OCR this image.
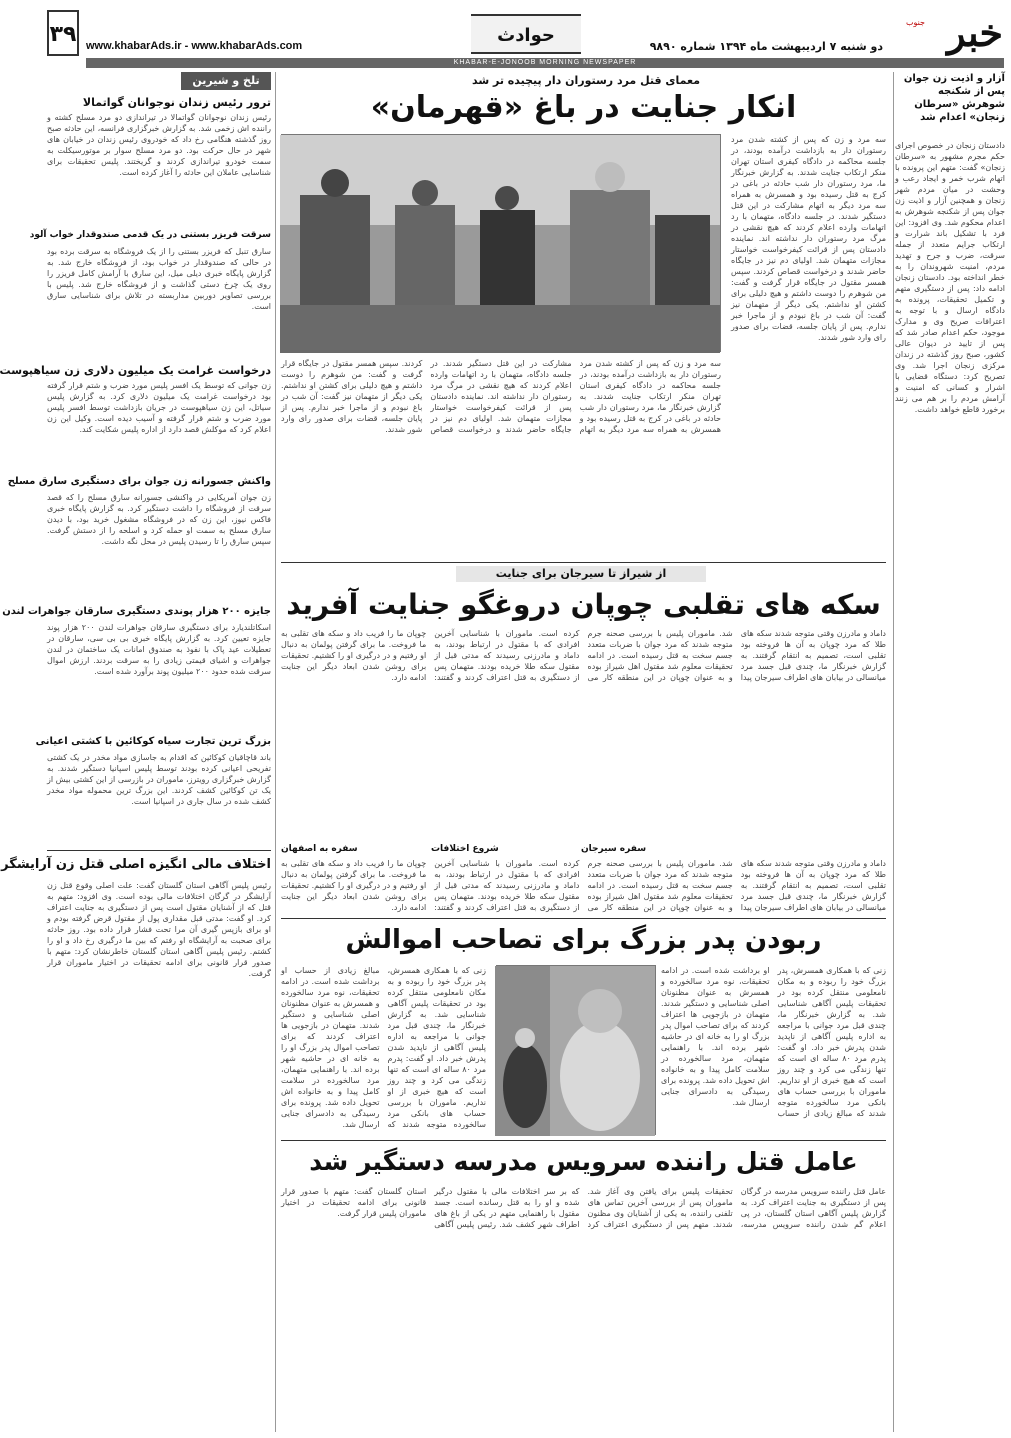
خبر
جنوب
دو شنبه ۷ اردیبهشت ماه ۱۳۹۴ شماره ۹۸۹۰
حوادث
www.khabarAds.ir - www.khabarAds.com
۳۹
KHABAR-E-JONOOB MORNING NEWSPAPER
آزار و اذیت زن جوان پس از شکنجه شوهرش «سرطان زنجان» اعدام شد
دادستان زنجان در خصوص اجرای حکم مجرم مشهور به «سرطان زنجان» گفت: متهم این پرونده با اتهام شرب خمر و ایجاد رعب و وحشت در میان مردم شهر زنجان و همچنین آزار و اذیت زن جوان پس از شکنجه شوهرش به اعدام محکوم شد. وی افزود: این فرد با تشکیل باند شرارت و ارتکاب جرایم متعدد از جمله سرقت، ضرب و جرح و تهدید مردم، امنیت شهروندان را به خطر انداخته بود. دادستان زنجان ادامه داد: پس از دستگیری متهم و تکمیل تحقیقات، پرونده به دادگاه ارسال و با توجه به اعترافات صریح وی و مدارک موجود، حکم اعدام صادر شد که پس از تایید در دیوان عالی کشور، صبح روز گذشته در زندان مرکزی زنجان اجرا شد. وی تصریح کرد: دستگاه قضایی با اشرار و کسانی که امنیت و آرامش مردم را بر هم می زنند برخورد قاطع خواهد داشت.
معمای قتل مرد رستوران دار پیچیده تر شد
انکار جنایت در باغ «قهرمان»
سه مرد و زن که پس از کشته شدن مرد رستوران دار به بازداشت درآمده بودند، در جلسه محاکمه در دادگاه کیفری استان تهران منکر ارتکاب جنایت شدند. به گزارش خبرنگار ما، مرد رستوران دار شب حادثه در باغی در کرج به قتل رسیده بود و همسرش به همراه سه مرد دیگر به اتهام مشارکت در این قتل دستگیر شدند. در جلسه دادگاه، متهمان با رد اتهامات وارده اعلام کردند که هیچ نقشی در مرگ مرد رستوران دار نداشته اند. نماینده دادستان پس از قرائت کیفرخواست خواستار مجازات متهمان شد. اولیای دم نیز در جایگاه حاضر شدند و درخواست قصاص کردند. سپس همسر مقتول در جایگاه قرار گرفت و گفت: من شوهرم را دوست داشتم و هیچ دلیلی برای کشتن او نداشتم. یکی دیگر از متهمان نیز گفت: آن شب در باغ نبودم و از ماجرا خبر ندارم. پس از پایان جلسه، قضات برای صدور رای وارد شور شدند.
سه مرد و زن که پس از کشته شدن مرد رستوران دار به بازداشت درآمده بودند، در جلسه محاکمه در دادگاه کیفری استان تهران منکر ارتکاب جنایت شدند. به گزارش خبرنگار ما، مرد رستوران دار شب حادثه در باغی در کرج به قتل رسیده بود و همسرش به همراه سه مرد دیگر به اتهام مشارکت در این قتل دستگیر شدند. در جلسه دادگاه، متهمان با رد اتهامات وارده اعلام کردند که هیچ نقشی در مرگ مرد رستوران دار نداشته اند. نماینده دادستان پس از قرائت کیفرخواست خواستار مجازات متهمان شد. اولیای دم نیز در جایگاه حاضر شدند و درخواست قصاص کردند. سپس همسر مقتول در جایگاه قرار گرفت و گفت: من شوهرم را دوست داشتم و هیچ دلیلی برای کشتن او نداشتم. یکی دیگر از متهمان نیز گفت: آن شب در باغ نبودم و از ماجرا خبر ندارم. پس از پایان جلسه، قضات برای صدور رای وارد شور شدند.
از شیراز تا سیرجان برای جنایت
سکه های تقلبی چوپان دروغگو جنایت آفرید
داماد و مادرزن وقتی متوجه شدند سکه های طلا که مرد چوپان به آن ها فروخته بود تقلبی است، تصمیم به انتقام گرفتند. به گزارش خبرنگار ما، چندی قبل جسد مرد میانسالی در بیابان های اطراف سیرجان پیدا شد. ماموران پلیس با بررسی صحنه جرم متوجه شدند که مرد جوان با ضربات متعدد جسم سخت به قتل رسیده است. در ادامه تحقیقات معلوم شد مقتول اهل شیراز بوده و به عنوان چوپان در این منطقه کار می کرده است. ماموران با شناسایی آخرین افرادی که با مقتول در ارتباط بودند، به داماد و مادرزنی رسیدند که مدتی قبل از مقتول سکه طلا خریده بودند. متهمان پس از دستگیری به قتل اعتراف کردند و گفتند: چوپان ما را فریب داد و سکه های تقلبی به ما فروخت. ما برای گرفتن پولمان به دنبال او رفتیم و در درگیری او را کشتیم. تحقیقات برای روشن شدن ابعاد دیگر این جنایت ادامه دارد.
سفره سیرجان
شروع اختلافات
سفره به اصفهان
داماد و مادرزن وقتی متوجه شدند سکه های طلا که مرد چوپان به آن ها فروخته بود تقلبی است، تصمیم به انتقام گرفتند. به گزارش خبرنگار ما، چندی قبل جسد مرد میانسالی در بیابان های اطراف سیرجان پیدا شد. ماموران پلیس با بررسی صحنه جرم متوجه شدند که مرد جوان با ضربات متعدد جسم سخت به قتل رسیده است. در ادامه تحقیقات معلوم شد مقتول اهل شیراز بوده و به عنوان چوپان در این منطقه کار می کرده است. ماموران با شناسایی آخرین افرادی که با مقتول در ارتباط بودند، به داماد و مادرزنی رسیدند که مدتی قبل از مقتول سکه طلا خریده بودند. متهمان پس از دستگیری به قتل اعتراف کردند و گفتند: چوپان ما را فریب داد و سکه های تقلبی به ما فروخت. ما برای گرفتن پولمان به دنبال او رفتیم و در درگیری او را کشتیم. تحقیقات برای روشن شدن ابعاد دیگر این جنایت ادامه دارد.
ربودن پدر بزرگ برای تصاحب اموالش
زنی که با همکاری همسرش، پدر بزرگ خود را ربوده و به مکان نامعلومی منتقل کرده بود در تحقیقات پلیس آگاهی شناسایی شد. به گزارش خبرنگار ما، چندی قبل مرد جوانی با مراجعه به اداره پلیس آگاهی از ناپدید شدن پدرش خبر داد. او گفت: پدرم مرد ۸۰ ساله ای است که تنها زندگی می کرد و چند روز است که هیچ خبری از او نداریم. ماموران با بررسی حساب های بانکی مرد سالخورده متوجه شدند که مبالغ زیادی از حساب او برداشت شده است. در ادامه تحقیقات، نوه مرد سالخورده و همسرش به عنوان مظنونان اصلی شناسایی و دستگیر شدند. متهمان در بازجویی ها اعتراف کردند که برای تصاحب اموال پدر بزرگ او را به خانه ای در حاشیه شهر برده اند. با راهنمایی متهمان، مرد سالخورده در سلامت کامل پیدا و به خانواده اش تحویل داده شد. پرونده برای رسیدگی به دادسرای جنایی ارسال شد.
زنی که با همکاری همسرش، پدر بزرگ خود را ربوده و به مکان نامعلومی منتقل کرده بود در تحقیقات پلیس آگاهی شناسایی شد. به گزارش خبرنگار ما، چندی قبل مرد جوانی با مراجعه به اداره پلیس آگاهی از ناپدید شدن پدرش خبر داد. او گفت: پدرم مرد ۸۰ ساله ای است که تنها زندگی می کرد و چند روز است که هیچ خبری از او نداریم. ماموران با بررسی حساب های بانکی مرد سالخورده متوجه شدند که مبالغ زیادی از حساب او برداشت شده است. در ادامه تحقیقات، نوه مرد سالخورده و همسرش به عنوان مظنونان اصلی شناسایی و دستگیر شدند. متهمان در بازجویی ها اعتراف کردند که برای تصاحب اموال پدر بزرگ او را به خانه ای در حاشیه شهر برده اند. با راهنمایی متهمان، مرد سالخورده در سلامت کامل پیدا و به خانواده اش تحویل داده شد. پرونده برای رسیدگی به دادسرای جنایی ارسال شد.
عامل قتل راننده سرویس مدرسه دستگیر شد
عامل قتل راننده سرویس مدرسه در گرگان پس از دستگیری به جنایت اعتراف کرد. به گزارش پلیس آگاهی استان گلستان، در پی اعلام گم شدن راننده سرویس مدرسه، تحقیقات پلیس برای یافتن وی آغاز شد. ماموران پس از بررسی آخرین تماس های تلفنی راننده، به یکی از آشنایان وی مظنون شدند. متهم پس از دستگیری اعتراف کرد که بر سر اختلافات مالی با مقتول درگیر شده و او را به قتل رسانده است. جسد مقتول با راهنمایی متهم در یکی از باغ های اطراف شهر کشف شد. رئیس پلیس آگاهی استان گلستان گفت: متهم با صدور قرار قانونی برای ادامه تحقیقات در اختیار ماموران پلیس قرار گرفت.
تلخ و شیرین
ترور رئیس زندان نوجوانان گواتمالا
رئیس زندان نوجوانان گواتمالا در تیراندازی دو مرد مسلح کشته و راننده اش زخمی شد. به گزارش خبرگزاری فرانسه، این حادثه صبح روز گذشته هنگامی رخ داد که خودروی رئیس زندان در خیابان های شهر در حال حرکت بود. دو مرد مسلح سوار بر موتورسیکلت به سمت خودرو تیراندازی کردند و گریختند. پلیس تحقیقات برای شناسایی عاملان این حادثه را آغاز کرده است.
سرقت فریزر بستنی در یک قدمی صندوقدار خواب آلود
سارق تنبل که فریزر بستنی را از یک فروشگاه به سرقت برده بود در حالی که صندوقدار در خواب بود، از فروشگاه خارج شد. به گزارش پایگاه خبری دیلی میل، این سارق با آرامش کامل فریزر را روی یک چرخ دستی گذاشت و از فروشگاه خارج شد. پلیس با بررسی تصاویر دوربین مداربسته در تلاش برای شناسایی سارق است.
درخواست غرامت یک میلیون دلاری زن سیاهپوست
زن جوانی که توسط یک افسر پلیس مورد ضرب و شتم قرار گرفته بود درخواست غرامت یک میلیون دلاری کرد. به گزارش پلیس سیاتل، این زن سیاهپوست در جریان بازداشت توسط افسر پلیس مورد ضرب و شتم قرار گرفته و آسیب دیده است. وکیل این زن اعلام کرد که موکلش قصد دارد از اداره پلیس شکایت کند.
واکنش جسورانه زن جوان برای دستگیری سارق مسلح
زن جوان آمریکایی در واکنشی جسورانه سارق مسلح را که قصد سرقت از فروشگاه را داشت دستگیر کرد. به گزارش پایگاه خبری فاکس نیوز، این زن که در فروشگاه مشغول خرید بود، با دیدن سارق مسلح به سمت او حمله کرد و اسلحه را از دستش گرفت. سپس سارق را تا رسیدن پلیس در محل نگه داشت.
جایزه ۲۰۰ هزار پوندی دستگیری سارقان جواهرات لندن
اسکاتلندیارد برای دستگیری سارقان جواهرات لندن ۲۰۰ هزار پوند جایزه تعیین کرد. به گزارش پایگاه خبری بی بی سی، سارقان در تعطیلات عید پاک با نفوذ به صندوق امانات یک ساختمان در لندن جواهرات و اشیای قیمتی زیادی را به سرقت بردند. ارزش اموال سرقت شده حدود ۲۰۰ میلیون پوند برآورد شده است.
بزرگ ترین تجارت سیاه کوکائین با کشتی اعیانی
باند قاچاقیان کوکائین که اقدام به جاسازی مواد مخدر در یک کشتی تفریحی اعیانی کرده بودند توسط پلیس اسپانیا دستگیر شدند. به گزارش خبرگزاری رویترز، ماموران در بازرسی از این کشتی بیش از یک تن کوکائین کشف کردند. این بزرگ ترین محموله مواد مخدر کشف شده در سال جاری در اسپانیا است.
اختلاف مالی انگیزه اصلی قتل زن آرایشگر
رئیس پلیس آگاهی استان گلستان گفت: علت اصلی وقوع قتل زن آرایشگر در گرگان اختلافات مالی بوده است. وی افزود: متهم به قتل که از آشنایان مقتول است پس از دستگیری به جنایت اعتراف کرد. او گفت: مدتی قبل مقداری پول از مقتول قرض گرفته بودم و او برای بازپس گیری آن مرا تحت فشار قرار داده بود. روز حادثه برای صحبت به آرایشگاه او رفتم که بین ما درگیری رخ داد و او را کشتم. رئیس پلیس آگاهی استان گلستان خاطرنشان کرد: متهم با صدور قرار قانونی برای ادامه تحقیقات در اختیار ماموران قرار گرفت.
